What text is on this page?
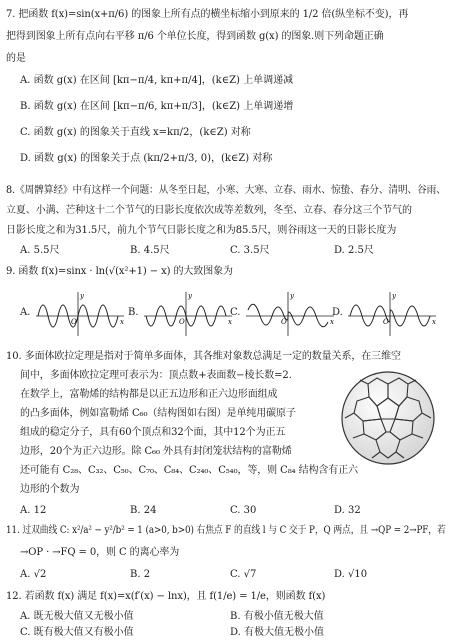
7. 把函数 f(x)=sin(x+π/6) 的图象上所有点的横坐标缩小到原来的 1/2 倍(纵坐标不变)，再
把得到图象上所有点向右平移 π/6 个单位长度，得到函数 g(x) 的图象.则下列命题正确
的是
A. 函数 g(x) 在区间 [kπ−π/4, kπ+π/4]，(k∈Z) 上单调递减
B. 函数 g(x) 在区间 [kπ−π/6, kπ+π/3]，(k∈Z) 上单调递增
C. 函数 g(x) 的图象关于直线 x=kπ/2，(k∈Z) 对称
D. 函数 g(x) 的图象关于点 (kπ/2+π/3, 0)，(k∈Z) 对称
8.《周髀算经》中有这样一个问题：从冬至日起，小寒、大寒、立春、雨水、惊蛰、春分、清明、谷雨、
立夏、小满、芒种这十二个节气的日影长度依次成等差数列，冬至、立春、春分这三个节气的
日影长度之和为31.5尺，前九个节气日影长度之和为85.5尺，则谷雨这一天的日影长度为
A. 5.5尺	B. 4.5尺	C. 3.5尺	D. 2.5尺
9. 函数 f(x)=sinx · ln(√(x²+1) − x) 的大致图象为
A.
x
y
O
B.
x
y
O
C.
x
y
O
D.
x
y
O
10. 多面体欧拉定理是指对于简单多面体，其各维对象数总满足一定的数量关系，在三维空
间中，多面体欧拉定理可表示为：顶点数+表面数−棱长数=2.
在数学上，富勒烯的结构都是以正五边形和正六边形面组成
的凸多面体，例如富勒烯 C₆₀（结构图如右图）是单纯用碳原子
组成的稳定分子，具有60个顶点和32个面，其中12个为正五
边形，20个为正六边形。除 C₆₀ 外具有封闭笼状结构的富勒烯
还可能有 C₂₈、C₃₂、C₅₀、C₇₀、C₈₄、C₂₄₀、C₅₄₀，等，则 C₈₄ 结构含有正六
边形的个数为
A. 12	B. 24	C. 30	D. 32
11. 过双曲线 C: x²/a² − y²/b² = 1 (a>0, b>0) 右焦点 F 的直线 l 与 C 交于 P，Q 两点，且 →QP = 2→PF，若
→OP · →FQ = 0，则 C 的离心率为
A. √2	B. 2	C. √7	D. √10
12. 若函数 f(x) 满足 f(x)=x(f′(x) − lnx)，且 f(1/e) = 1/e，则函数 f(x)
A. 既无极大值又无极小值	B. 有极小值无极大值
C. 既有极大值又有极小值	D. 有极大值无极小值
